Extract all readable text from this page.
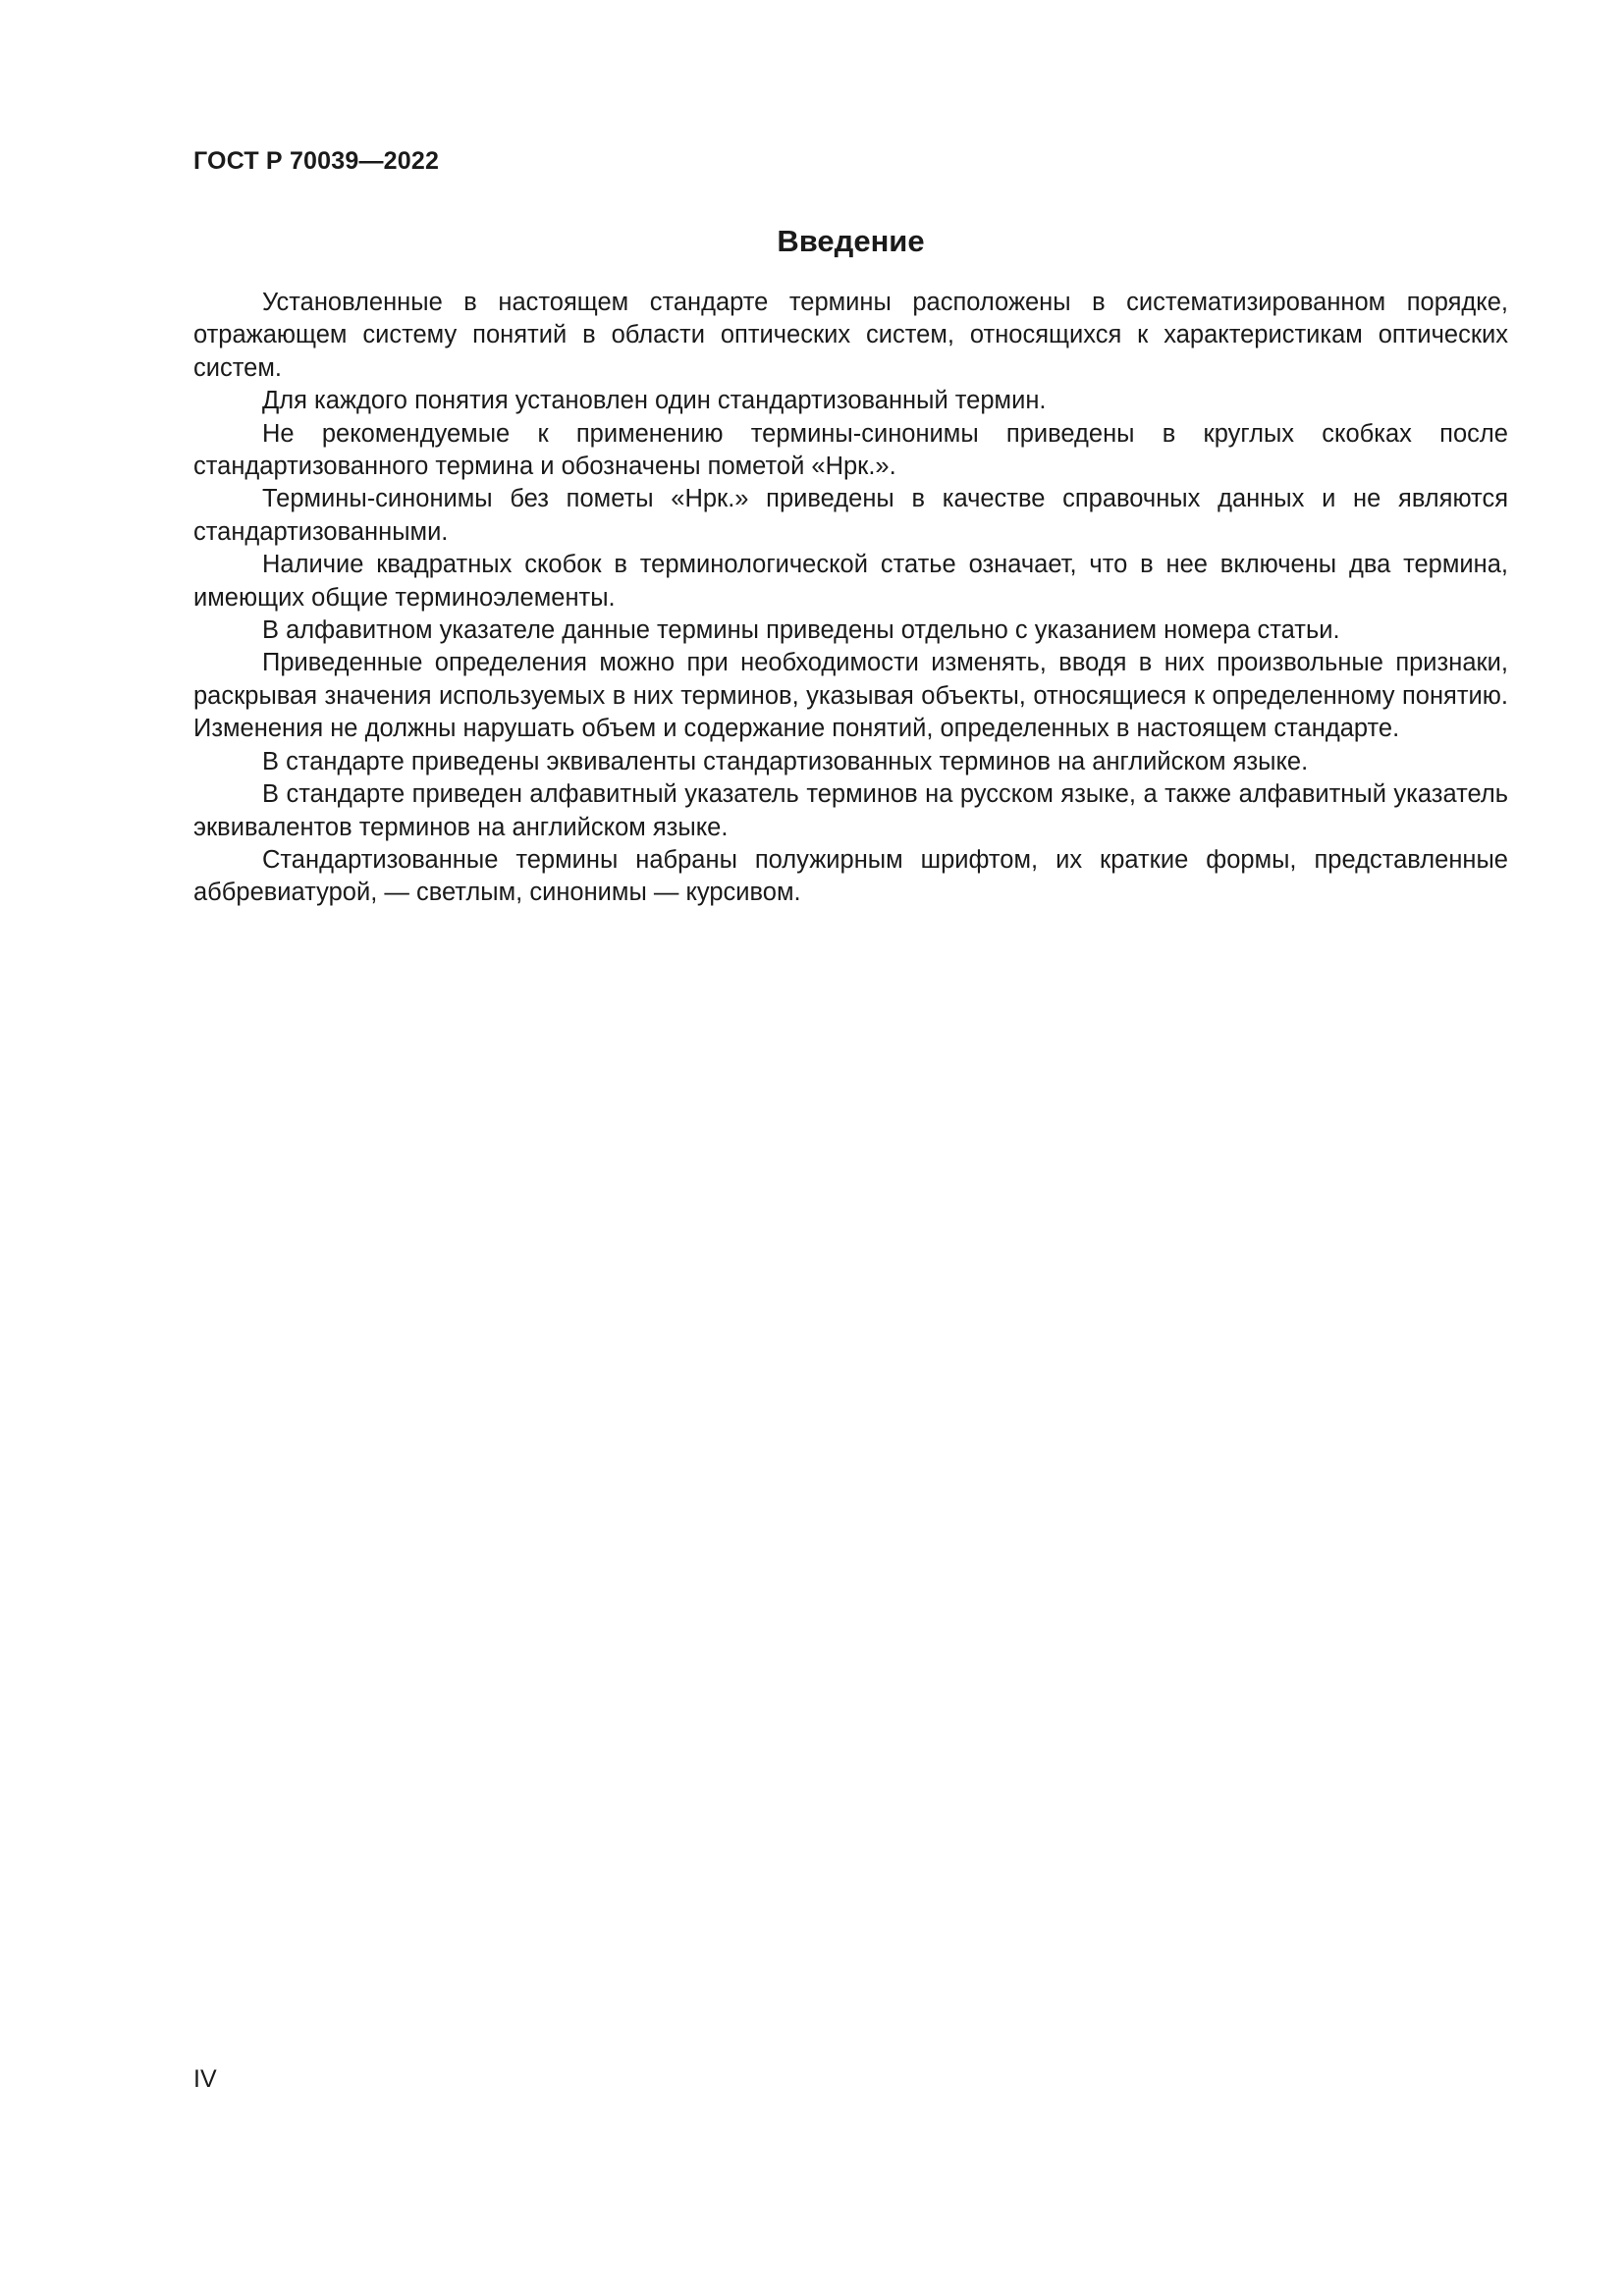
ГОСТ Р 70039—2022
Введение

Установленные в настоящем стандарте термины расположены в систематизированном порядке, отражающем систему понятий в области оптических систем, относящихся к характеристикам оптических систем.

Для каждого понятия установлен один стандартизованный термин.

Не рекомендуемые к применению термины-синонимы приведены в круглых скобках после стандартизованного термина и обозначены пометой «Нрк.».

Термины-синонимы без пометы «Нрк.» приведены в качестве справочных данных и не являются стандартизованными.

Наличие квадратных скобок в терминологической статье означает, что в нее включены два термина, имеющих общие терминоэлементы.

В алфавитном указателе данные термины приведены отдельно с указанием номера статьи.

Приведенные определения можно при необходимости изменять, вводя в них произвольные признаки, раскрывая значения используемых в них терминов, указывая объекты, относящиеся к определенному понятию. Изменения не должны нарушать объем и содержание понятий, определенных в настоящем стандарте.

В стандарте приведены эквиваленты стандартизованных терминов на английском языке.

В стандарте приведен алфавитный указатель терминов на русском языке, а также алфавитный указатель эквивалентов терминов на английском языке.

Стандартизованные термины набраны полужирным шрифтом, их краткие формы, представленные аббревиатурой, — светлым, синонимы — курсивом.

IV
